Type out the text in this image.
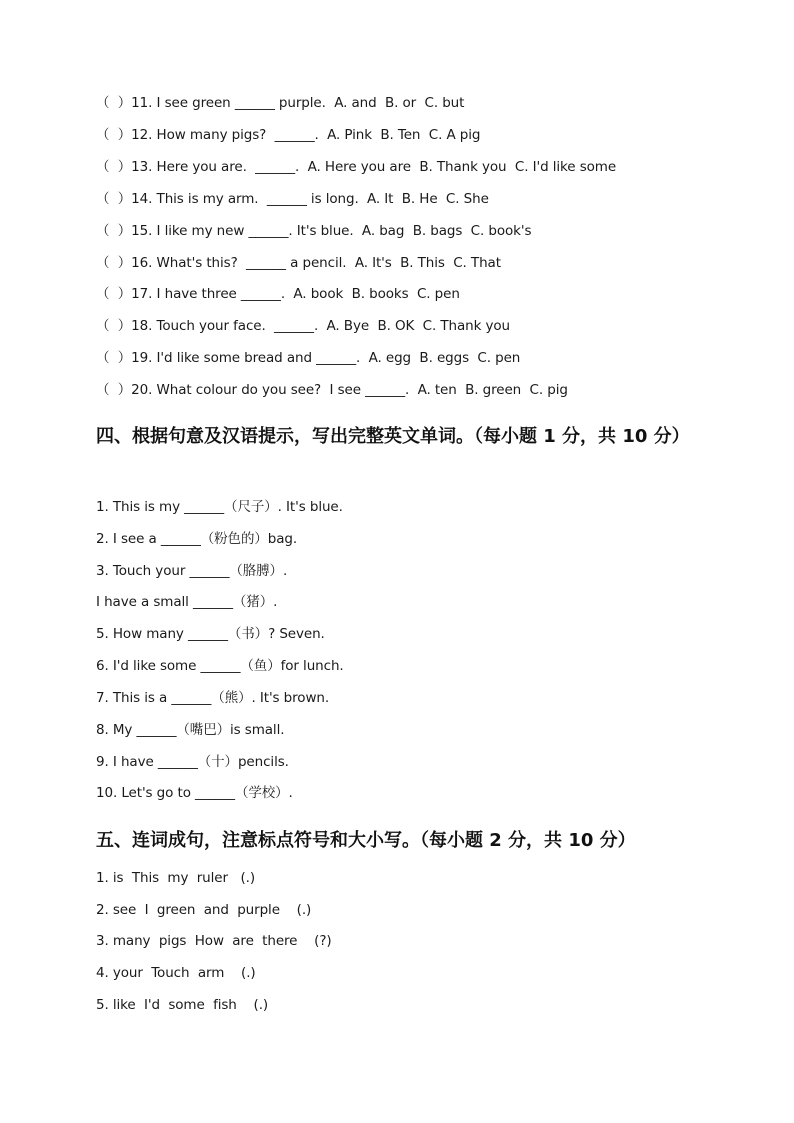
（  ）11. I see green ______ purple.  A. and  B. or  C. but
（  ）12. How many pigs?  ______.  A. Pink  B. Ten  C. A pig
（  ）13. Here you are.  ______.  A. Here you are  B. Thank you  C. I'd like some
（  ）14. This is my arm.  ______ is long.  A. It  B. He  C. She
（  ）15. I like my new ______. It's blue.  A. bag  B. bags  C. book's
（  ）16. What's this?  ______ a pencil.  A. It's  B. This  C. That
（  ）17. I have three ______.  A. book  B. books  C. pen
（  ）18. Touch your face.  ______.  A. Bye  B. OK  C. Thank you
（  ）19. I'd like some bread and ______.  A. egg  B. eggs  C. pen
（  ）20. What colour do you see?  I see ______.  A. ten  B. green  C. pig
四、根据句意及汉语提示，写出完整英文单词。（每小题 1 分，共 10 分）
1. This is my ______（尺子）. It's blue.
2. I see a ______（粉色的）bag.
3. Touch your ______（胳膊）.
I have a small ______（猪）.
5. How many ______（书）? Seven.
6. I'd like some ______（鱼）for lunch.
7. This is a ______（熊）. It's brown.
8. My ______（嘴巴）is small.
9. I have ______（十）pencils.
10. Let's go to ______（学校）.
五、连词成句，注意标点符号和大小写。（每小题 2 分，共 10 分）
1. is  This  my  ruler   (.)
2. see  I  green  and  purple    (.)
3. many  pigs  How  are  there    (?)
4. your  Touch  arm    (.)
5. like  I'd  some  fish    (.)
